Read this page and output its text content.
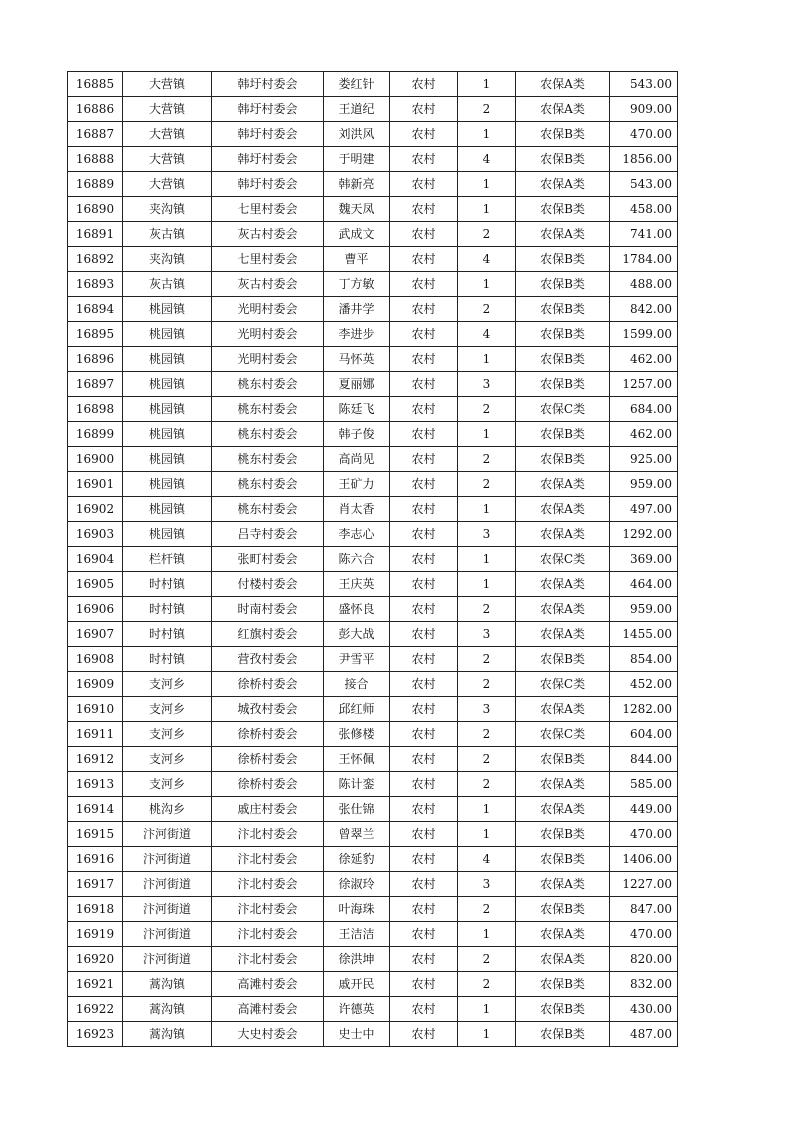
16885	大营镇	韩圩村委会	娄红针	农村	1	农保A类	543.00
16886	大营镇	韩圩村委会	王道纪	农村	2	农保A类	909.00
16887	大营镇	韩圩村委会	刘洪风	农村	1	农保B类	470.00
16888	大营镇	韩圩村委会	于明建	农村	4	农保B类	1856.00
16889	大营镇	韩圩村委会	韩新亮	农村	1	农保A类	543.00
16890	夹沟镇	七里村委会	魏天凤	农村	1	农保B类	458.00
16891	灰古镇	灰古村委会	武成文	农村	2	农保A类	741.00
16892	夹沟镇	七里村委会	曹平	农村	4	农保B类	1784.00
16893	灰古镇	灰古村委会	丁方敏	农村	1	农保B类	488.00
16894	桃园镇	光明村委会	潘井学	农村	2	农保B类	842.00
16895	桃园镇	光明村委会	李进步	农村	4	农保B类	1599.00
16896	桃园镇	光明村委会	马怀英	农村	1	农保B类	462.00
16897	桃园镇	桃东村委会	夏丽娜	农村	3	农保B类	1257.00
16898	桃园镇	桃东村委会	陈廷飞	农村	2	农保C类	684.00
16899	桃园镇	桃东村委会	韩子俊	农村	1	农保B类	462.00
16900	桃园镇	桃东村委会	高尚见	农村	2	农保B类	925.00
16901	桃园镇	桃东村委会	王矿力	农村	2	农保A类	959.00
16902	桃园镇	桃东村委会	肖太香	农村	1	农保A类	497.00
16903	桃园镇	吕寺村委会	李志心	农村	3	农保A类	1292.00
16904	栏杆镇	张町村委会	陈六合	农村	1	农保C类	369.00
16905	时村镇	付楼村委会	王庆英	农村	1	农保A类	464.00
16906	时村镇	时南村委会	盛怀良	农村	2	农保A类	959.00
16907	时村镇	红旗村委会	彭大战	农村	3	农保A类	1455.00
16908	时村镇	营孜村委会	尹雪平	农村	2	农保B类	854.00
16909	支河乡	徐桥村委会	接合	农村	2	农保C类	452.00
16910	支河乡	城孜村委会	邱红师	农村	3	农保A类	1282.00
16911	支河乡	徐桥村委会	张修楼	农村	2	农保C类	604.00
16912	支河乡	徐桥村委会	王怀佩	农村	2	农保B类	844.00
16913	支河乡	徐桥村委会	陈计銮	农村	2	农保A类	585.00
16914	桃沟乡	戚庄村委会	张仕锦	农村	1	农保A类	449.00
16915	汴河街道	汴北村委会	曾翠兰	农村	1	农保B类	470.00
16916	汴河街道	汴北村委会	徐延豹	农村	4	农保B类	1406.00
16917	汴河街道	汴北村委会	徐淑玲	农村	3	农保A类	1227.00
16918	汴河街道	汴北村委会	叶海珠	农村	2	农保B类	847.00
16919	汴河街道	汴北村委会	王洁洁	农村	1	农保A类	470.00
16920	汴河街道	汴北村委会	徐洪坤	农村	2	农保A类	820.00
16921	蒿沟镇	高滩村委会	戚开民	农村	2	农保B类	832.00
16922	蒿沟镇	高滩村委会	许德英	农村	1	农保B类	430.00
16923	蒿沟镇	大史村委会	史士中	农村	1	农保B类	487.00
